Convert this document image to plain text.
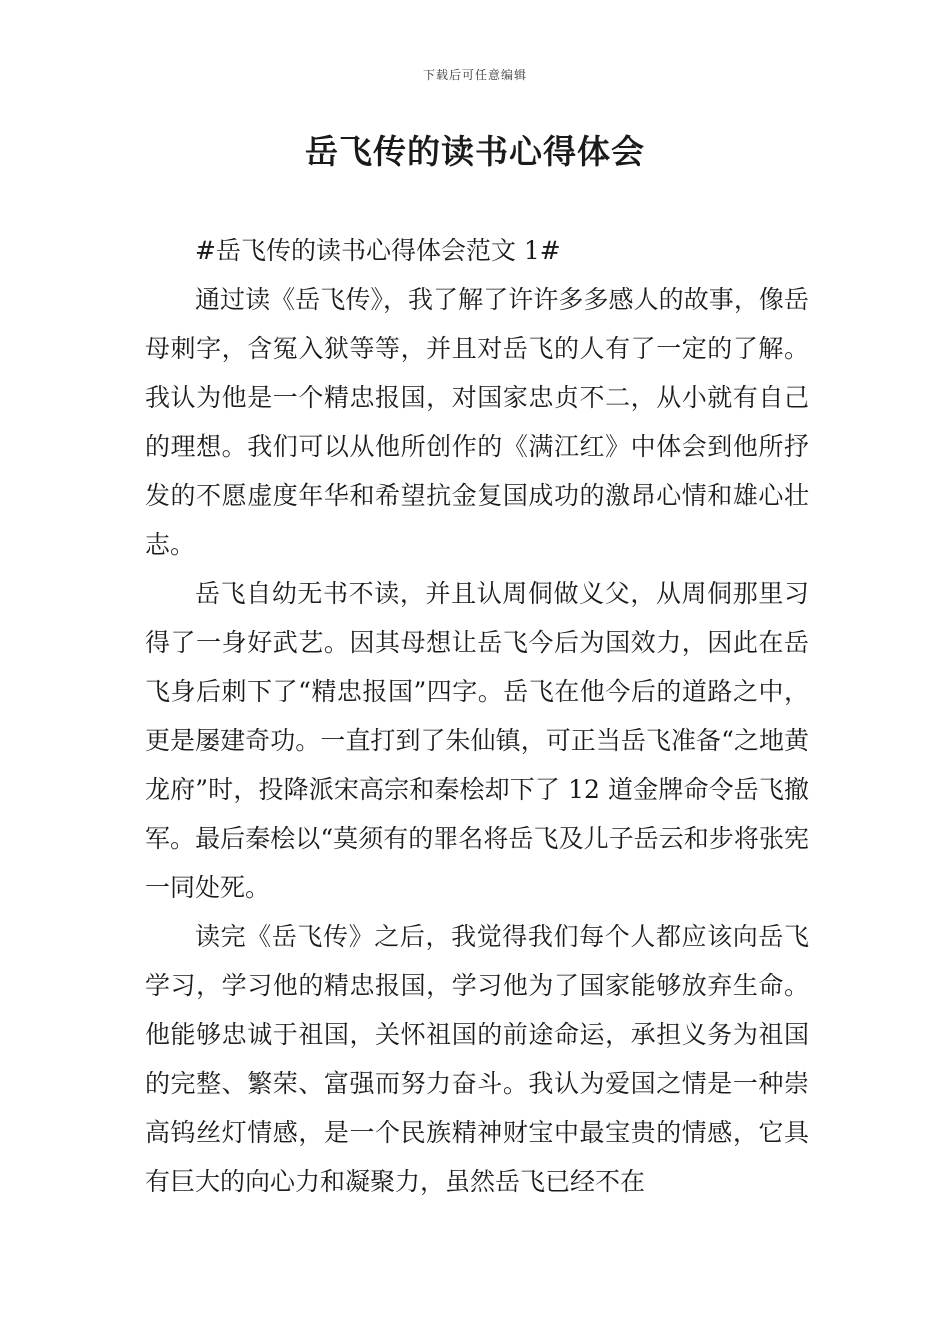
下载后可任意编辑
岳飞传的读书心得体会

#岳飞传的读书心得体会范文 1#

通过读《岳飞传》，我了解了许许多多感人的故事，像岳母刺字，含冤入狱等等，并且对岳飞的人有了一定的了解。我认为他是一个精忠报国，对国家忠贞不二，从小就有自己的理想。我们可以从他所创作的《满江红》中体会到他所抒发的不愿虚度年华和希望抗金复国成功的激昂心情和雄心壮志。

岳飞自幼无书不读，并且认周侗做义父，从周侗那里习得了一身好武艺。因其母想让岳飞今后为国效力，因此在岳飞身后刺下了“精忠报国”四字。岳飞在他今后的道路之中，更是屡建奇功。一直打到了朱仙镇，可正当岳飞准备“之地黄龙府”时，投降派宋高宗和秦桧却下了 12 道金牌命令岳飞撤军。最后秦桧以“莫须有的罪名将岳飞及儿子岳云和步将张宪一同处死。

读完《岳飞传》之后，我觉得我们每个人都应该向岳飞学习，学习他的精忠报国，学习他为了国家能够放弃生命。他能够忠诚于祖国，关怀祖国的前途命运，承担义务为祖国的完整、繁荣、富强而努力奋斗。我认为爱国之情是一种崇高钨丝灯情感，是一个民族精神财宝中最宝贵的情感，它具有巨大的向心力和凝聚力，虽然岳飞已经不在
